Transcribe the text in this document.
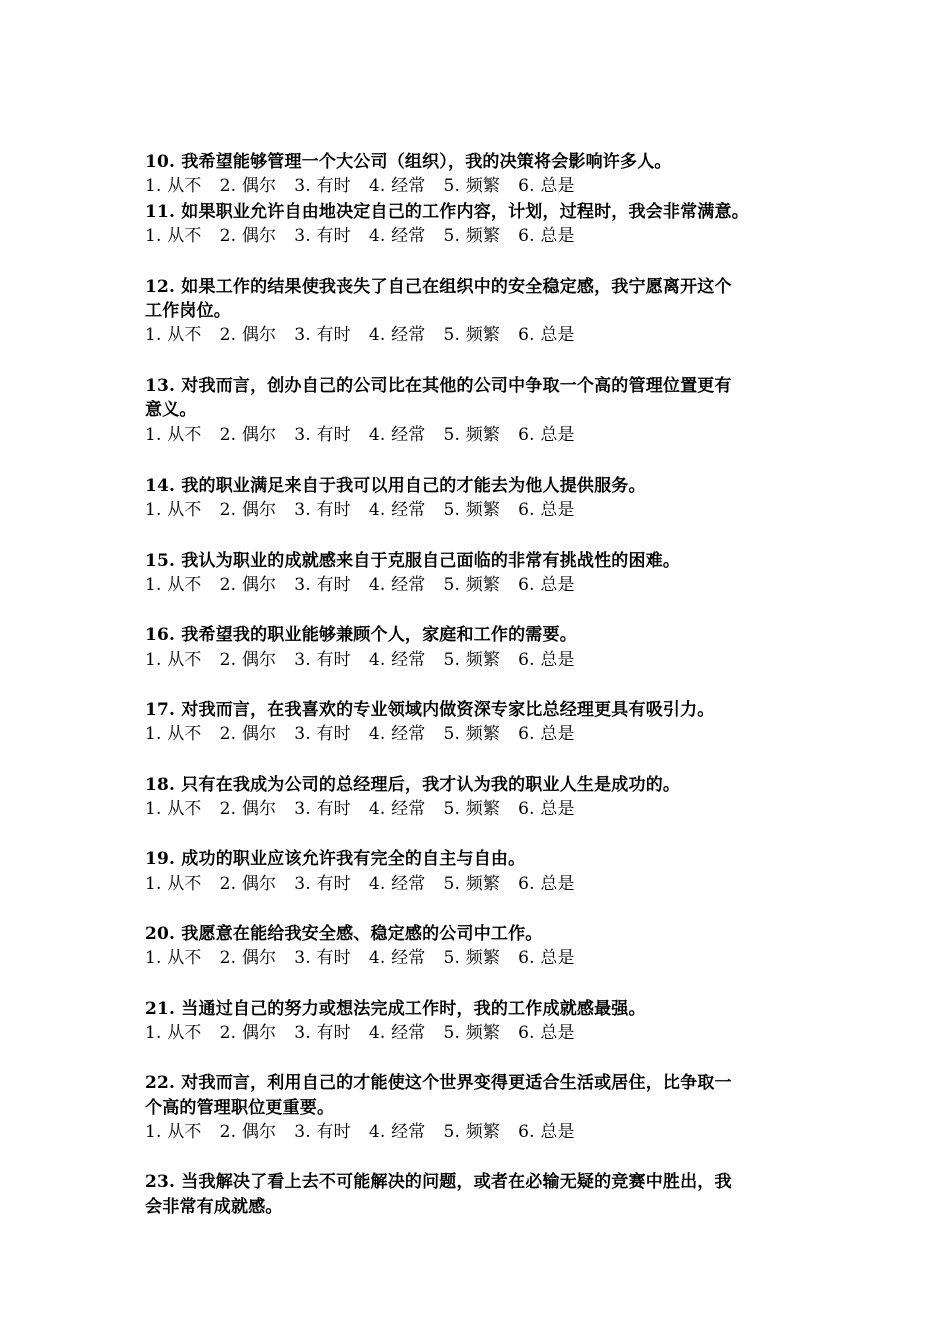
10. 我希望能够管理一个大公司（组织），我的决策将会影响许多人。
1. 从不 2. 偶尔 3. 有时 4. 经常 5. 频繁 6. 总是
11. 如果职业允许自由地决定自己的工作内容，计划，过程时，我会非常满意。
1. 从不 2. 偶尔 3. 有时 4. 经常 5. 频繁 6. 总是
12. 如果工作的结果使我丧失了自己在组织中的安全稳定感，我宁愿离开这个
工作岗位。
1. 从不 2. 偶尔 3. 有时 4. 经常 5. 频繁 6. 总是
13. 对我而言，创办自己的公司比在其他的公司中争取一个高的管理位置更有
意义。
1. 从不 2. 偶尔 3. 有时 4. 经常 5. 频繁 6. 总是
14. 我的职业满足来自于我可以用自己的才能去为他人提供服务。
1. 从不 2. 偶尔 3. 有时 4. 经常 5. 频繁 6. 总是
15. 我认为职业的成就感来自于克服自己面临的非常有挑战性的困难。
1. 从不 2. 偶尔 3. 有时 4. 经常 5. 频繁 6. 总是
16. 我希望我的职业能够兼顾个人，家庭和工作的需要。
1. 从不 2. 偶尔 3. 有时 4. 经常 5. 频繁 6. 总是
17. 对我而言，在我喜欢的专业领域内做资深专家比总经理更具有吸引力。
1. 从不 2. 偶尔 3. 有时 4. 经常 5. 频繁 6. 总是
18. 只有在我成为公司的总经理后，我才认为我的职业人生是成功的。
1. 从不 2. 偶尔 3. 有时 4. 经常 5. 频繁 6. 总是
19. 成功的职业应该允许我有完全的自主与自由。
1. 从不 2. 偶尔 3. 有时 4. 经常 5. 频繁 6. 总是
20. 我愿意在能给我安全感、稳定感的公司中工作。
1. 从不 2. 偶尔 3. 有时 4. 经常 5. 频繁 6. 总是
21. 当通过自己的努力或想法完成工作时，我的工作成就感最强。
1. 从不 2. 偶尔 3. 有时 4. 经常 5. 频繁 6. 总是
22. 对我而言，利用自己的才能使这个世界变得更适合生活或居住，比争取一
个高的管理职位更重要。
1. 从不 2. 偶尔 3. 有时 4. 经常 5. 频繁 6. 总是
23. 当我解决了看上去不可能解决的问题，或者在必输无疑的竞赛中胜出，我
会非常有成就感。
